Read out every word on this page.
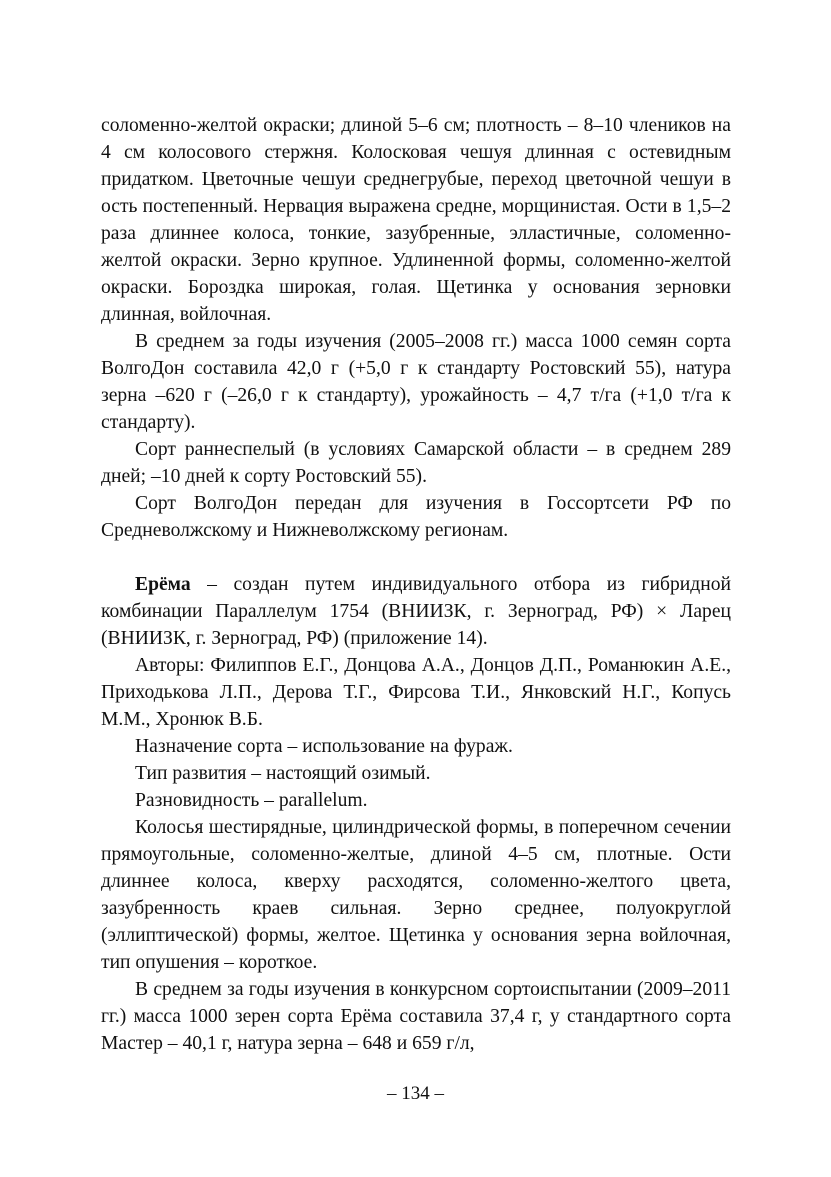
соломенно-желтой окраски; длиной 5–6 см; плотность – 8–10 члеников на 4 см колосового стержня. Колосковая чешуя длинная с остевидным придатком. Цветочные чешуи среднегрубые, переход цветочной чешуи в ость постепенный. Нервация выражена средне, морщинистая. Ости в 1,5–2 раза длиннее колоса, тонкие, зазубренные, элластичные, соломенно-желтой окраски. Зерно крупное. Удлиненной формы, соломенно-желтой окраски. Бороздка широкая, голая. Щетинка у основания зерновки длинная, войлочная.

В среднем за годы изучения (2005–2008 гг.) масса 1000 семян сорта ВолгоДон составила 42,0 г (+5,0 г к стандарту Ростовский 55), натура зерна –620 г (–26,0 г к стандарту), урожайность – 4,7 т/га (+1,0 т/га к стандарту).

Сорт раннеспелый (в условиях Самарской области – в среднем 289 дней; –10 дней к сорту Ростовский 55).

Сорт ВолгоДон передан для изучения в Госсортсети РФ по Средневолжскому и Нижневолжскому регионам.

Ерёма – создан путем индивидуального отбора из гибридной комбинации Параллелум 1754 (ВНИИЗК, г. Зерноград, РФ) × Ларец (ВНИИЗК, г. Зерноград, РФ) (приложение 14).

Авторы: Филиппов Е.Г., Донцова А.А., Донцов Д.П., Романюкин А.Е., Приходькова Л.П., Дерова Т.Г., Фирсова Т.И., Янковский Н.Г., Копусь М.М., Хронюк В.Б.

Назначение сорта – использование на фураж.

Тип развития – настоящий озимый.

Разновидность – parallelum.

Колосья шестирядные, цилиндрической формы, в поперечном сечении прямоугольные, соломенно-желтые, длиной 4–5 см, плотные. Ости длиннее колоса, кверху расходятся, соломенно-желтого цвета, зазубренность краев сильная. Зерно среднее, полуокруглой (эллиптической) формы, желтое. Щетинка у основания зерна войлочная, тип опушения – короткое.

В среднем за годы изучения в конкурсном сортоиспытании (2009–2011 гг.) масса 1000 зерен сорта Ерёма составила 37,4 г, у стандартного сорта Мастер – 40,1 г, натура зерна – 648 и 659 г/л,

– 134 –
